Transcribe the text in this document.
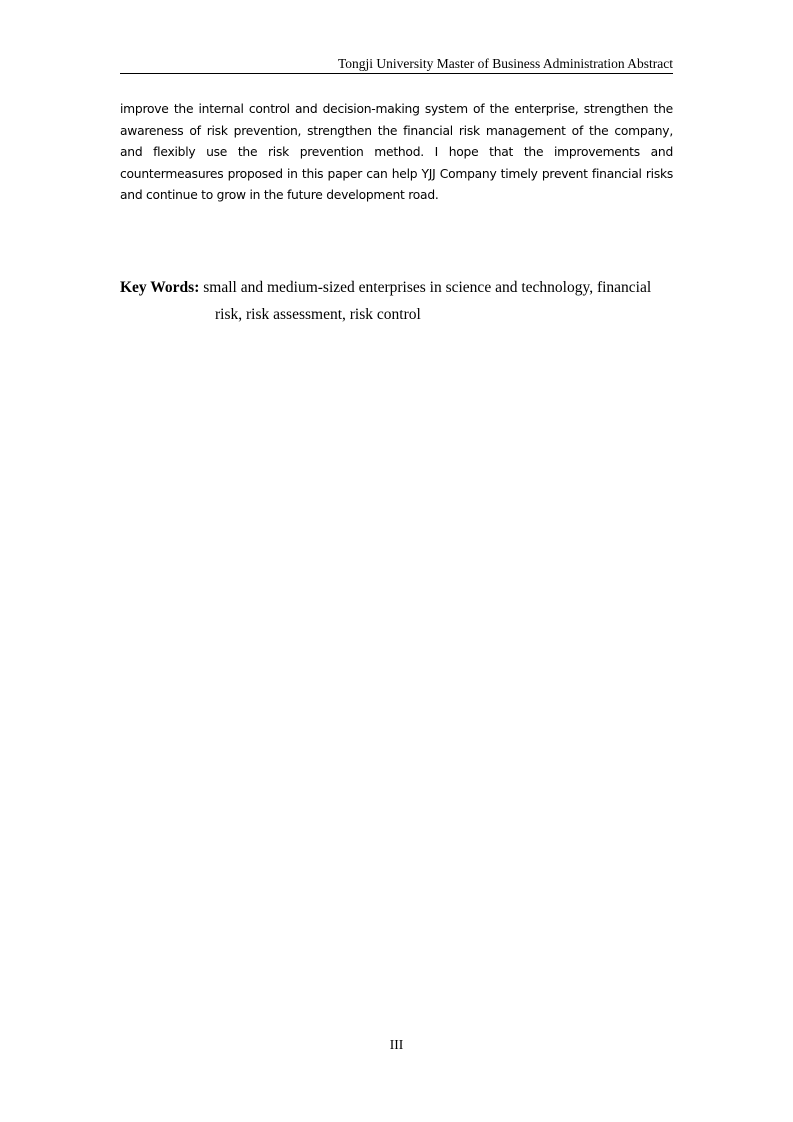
Tongji University Master of Business Administration Abstract

improve the internal control and decision-making system of the enterprise, strengthen the awareness of risk prevention, strengthen the financial risk management of the company, and flexibly use the risk prevention method. I hope that the improvements and countermeasures proposed in this paper can help YJJ Company timely prevent financial risks and continue to grow in the future development road.

Key Words: small and medium-sized enterprises in science and technology, financial
risk, risk assessment, risk control
III
